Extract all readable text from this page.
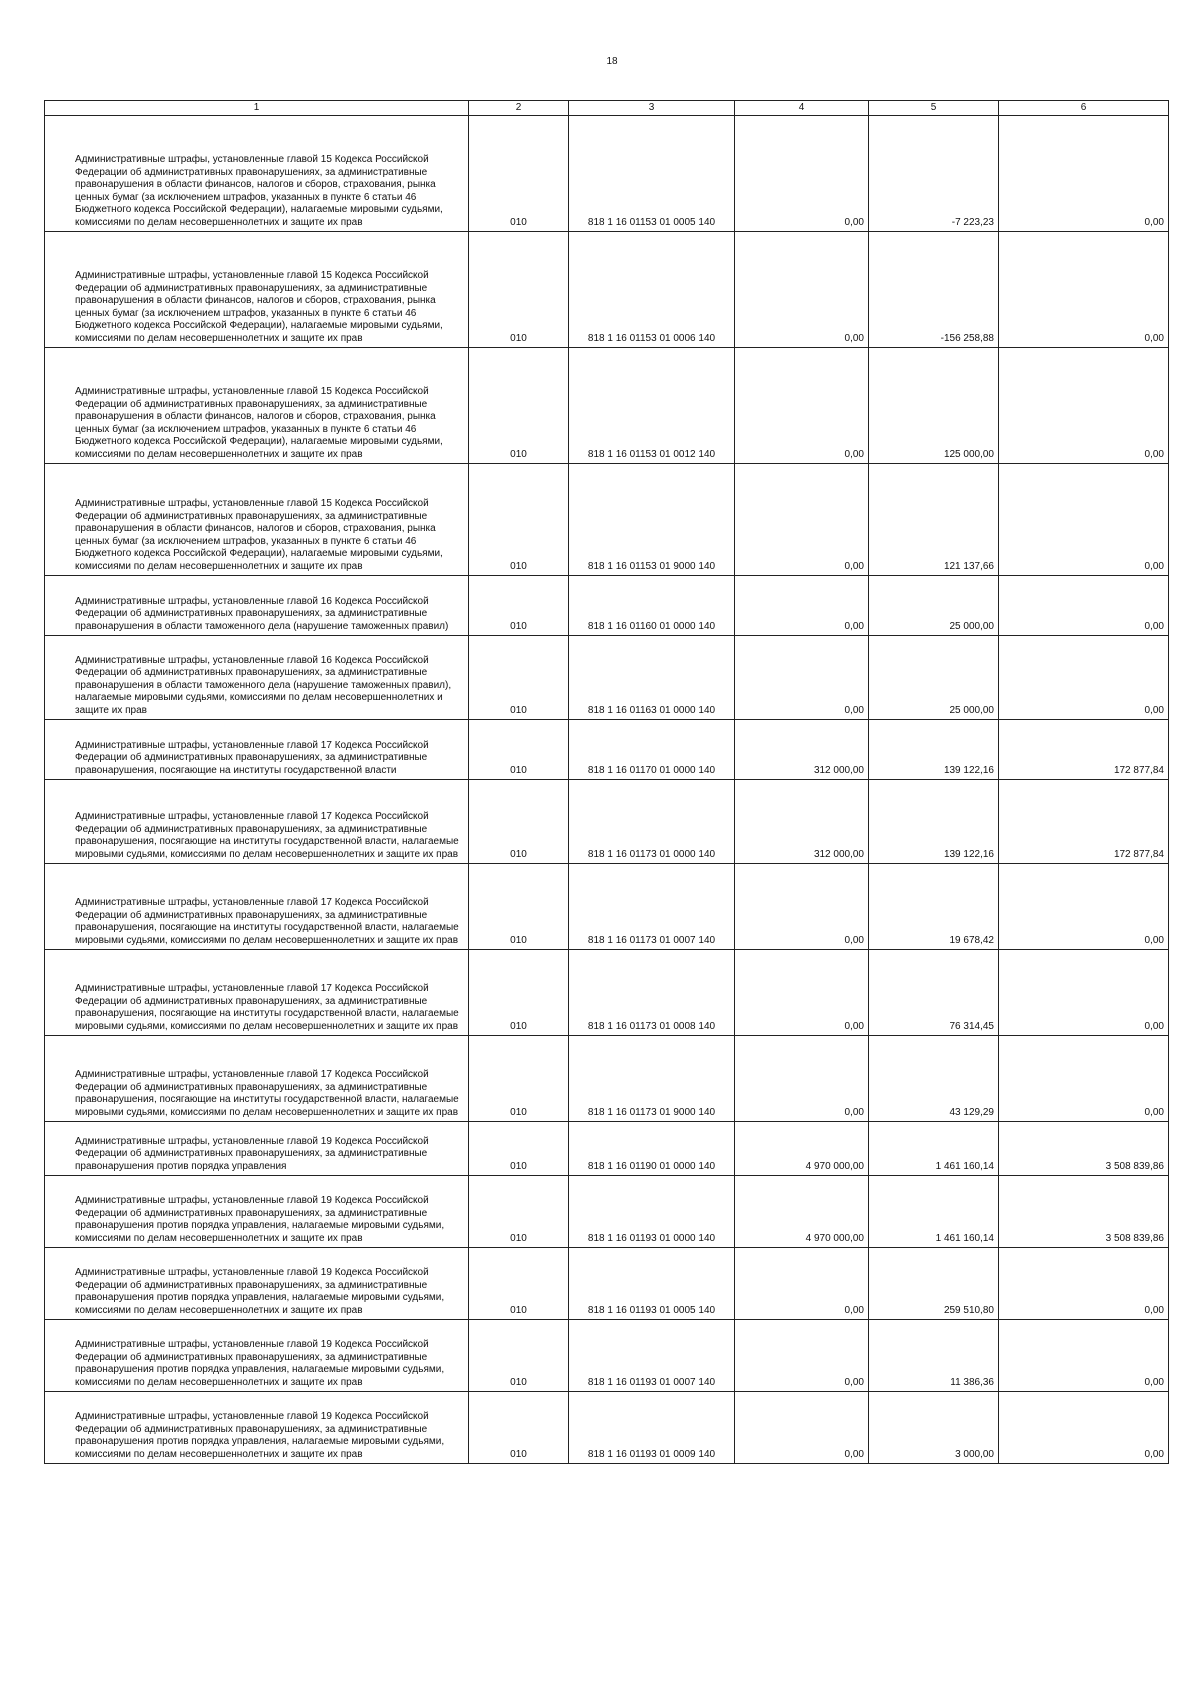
18
1	2	3	4	5	6
Административные штрафы, установленные главой 15 Кодекса Российской Федерации об административных правонарушениях, за административные правонарушения в области финансов, налогов и сборов, страхования, рынка ценных бумаг (за исключением штрафов, указанных в пункте 6 статьи 46 Бюджетного кодекса Российской Федерации), налагаемые мировыми судьями, комиссиями по делам несовершеннолетних и защите их прав	010	818 1 16 01153 01 0005 140	0,00	-7 223,23	0,00
Административные штрафы, установленные главой 15 Кодекса Российской Федерации об административных правонарушениях, за административные правонарушения в области финансов, налогов и сборов, страхования, рынка ценных бумаг (за исключением штрафов, указанных в пункте 6 статьи 46 Бюджетного кодекса Российской Федерации), налагаемые мировыми судьями, комиссиями по делам несовершеннолетних и защите их прав	010	818 1 16 01153 01 0006 140	0,00	-156 258,88	0,00
Административные штрафы, установленные главой 15 Кодекса Российской Федерации об административных правонарушениях, за административные правонарушения в области финансов, налогов и сборов, страхования, рынка ценных бумаг (за исключением штрафов, указанных в пункте 6 статьи 46 Бюджетного кодекса Российской Федерации), налагаемые мировыми судьями, комиссиями по делам несовершеннолетних и защите их прав	010	818 1 16 01153 01 0012 140	0,00	125 000,00	0,00
Административные штрафы, установленные главой 15 Кодекса Российской Федерации об административных правонарушениях, за административные правонарушения в области финансов, налогов и сборов, страхования, рынка ценных бумаг (за исключением штрафов, указанных в пункте 6 статьи 46 Бюджетного кодекса Российской Федерации), налагаемые мировыми судьями, комиссиями по делам несовершеннолетних и защите их прав	010	818 1 16 01153 01 9000 140	0,00	121 137,66	0,00
Административные штрафы, установленные главой 16 Кодекса Российской Федерации об административных правонарушениях, за административные правонарушения в области таможенного дела (нарушение таможенных правил)	010	818 1 16 01160 01 0000 140	0,00	25 000,00	0,00
Административные штрафы, установленные главой 16 Кодекса Российской Федерации об административных правонарушениях, за административные правонарушения в области таможенного дела (нарушение таможенных правил), налагаемые мировыми судьями, комиссиями по делам несовершеннолетних и защите их прав	010	818 1 16 01163 01 0000 140	0,00	25 000,00	0,00
Административные штрафы, установленные главой 17 Кодекса Российской Федерации об административных правонарушениях, за административные правонарушения, посягающие на институты государственной власти	010	818 1 16 01170 01 0000 140	312 000,00	139 122,16	172 877,84
Административные штрафы, установленные главой 17 Кодекса Российской Федерации об административных правонарушениях, за административные правонарушения, посягающие на институты государственной власти, налагаемые мировыми судьями, комиссиями по делам несовершеннолетних и защите их прав	010	818 1 16 01173 01 0000 140	312 000,00	139 122,16	172 877,84
Административные штрафы, установленные главой 17 Кодекса Российской Федерации об административных правонарушениях, за административные правонарушения, посягающие на институты государственной власти, налагаемые мировыми судьями, комиссиями по делам несовершеннолетних и защите их прав	010	818 1 16 01173 01 0007 140	0,00	19 678,42	0,00
Административные штрафы, установленные главой 17 Кодекса Российской Федерации об административных правонарушениях, за административные правонарушения, посягающие на институты государственной власти, налагаемые мировыми судьями, комиссиями по делам несовершеннолетних и защите их прав	010	818 1 16 01173 01 0008 140	0,00	76 314,45	0,00
Административные штрафы, установленные главой 17 Кодекса Российской Федерации об административных правонарушениях, за административные правонарушения, посягающие на институты государственной власти, налагаемые мировыми судьями, комиссиями по делам несовершеннолетних и защите их прав	010	818 1 16 01173 01 9000 140	0,00	43 129,29	0,00
Административные штрафы, установленные главой 19 Кодекса Российской Федерации об административных правонарушениях, за административные правонарушения против порядка управления	010	818 1 16 01190 01 0000 140	4 970 000,00	1 461 160,14	3 508 839,86
Административные штрафы, установленные главой 19 Кодекса Российской Федерации об административных правонарушениях, за административные правонарушения против порядка управления, налагаемые мировыми судьями, комиссиями по делам несовершеннолетних и защите их прав	010	818 1 16 01193 01 0000 140	4 970 000,00	1 461 160,14	3 508 839,86
Административные штрафы, установленные главой 19 Кодекса Российской Федерации об административных правонарушениях, за административные правонарушения против порядка управления, налагаемые мировыми судьями, комиссиями по делам несовершеннолетних и защите их прав	010	818 1 16 01193 01 0005 140	0,00	259 510,80	0,00
Административные штрафы, установленные главой 19 Кодекса Российской Федерации об административных правонарушениях, за административные правонарушения против порядка управления, налагаемые мировыми судьями, комиссиями по делам несовершеннолетних и защите их прав	010	818 1 16 01193 01 0007 140	0,00	11 386,36	0,00
Административные штрафы, установленные главой 19 Кодекса Российской Федерации об административных правонарушениях, за административные правонарушения против порядка управления, налагаемые мировыми судьями, комиссиями по делам несовершеннолетних и защите их прав	010	818 1 16 01193 01 0009 140	0,00	3 000,00	0,00
